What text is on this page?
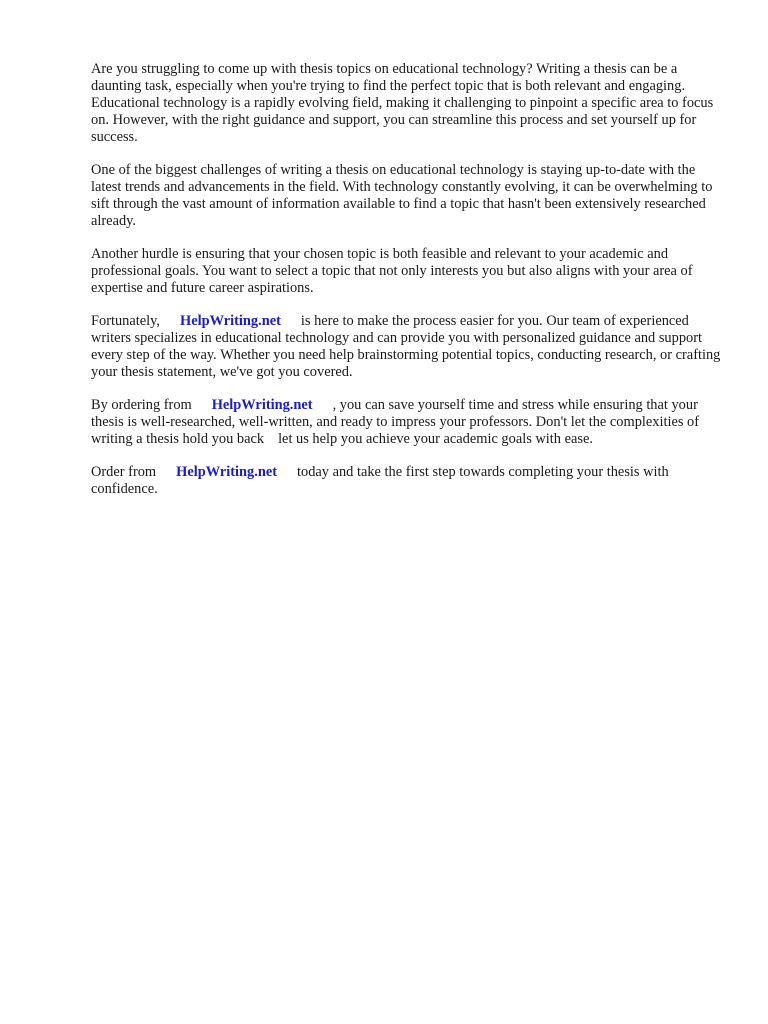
Are you struggling to come up with thesis topics on educational technology? Writing a thesis can be a daunting task, especially when you're trying to find the perfect topic that is both relevant and engaging. Educational technology is a rapidly evolving field, making it challenging to pinpoint a specific area to focus on. However, with the right guidance and support, you can streamline this process and set yourself up for success.

One of the biggest challenges of writing a thesis on educational technology is staying up-to-date with the latest trends and advancements in the field. With technology constantly evolving, it can be overwhelming to sift through the vast amount of information available to find a topic that hasn't been extensively researched already.

Another hurdle is ensuring that your chosen topic is both feasible and relevant to your academic and professional goals. You want to select a topic that not only interests you but also aligns with your area of expertise and future career aspirations.

Fortunately, HelpWriting.net is here to make the process easier for you. Our team of experienced writers specializes in educational technology and can provide you with personalized guidance and support every step of the way. Whether you need help brainstorming potential topics, conducting research, or crafting your thesis statement, we've got you covered.

By ordering from HelpWriting.net , you can save yourself time and stress while ensuring that your thesis is well-researched, well-written, and ready to impress your professors. Don't let the complexities of writing a thesis hold you back let us help you achieve your academic goals with ease.

Order from HelpWriting.net today and take the first step towards completing your thesis with confidence.
